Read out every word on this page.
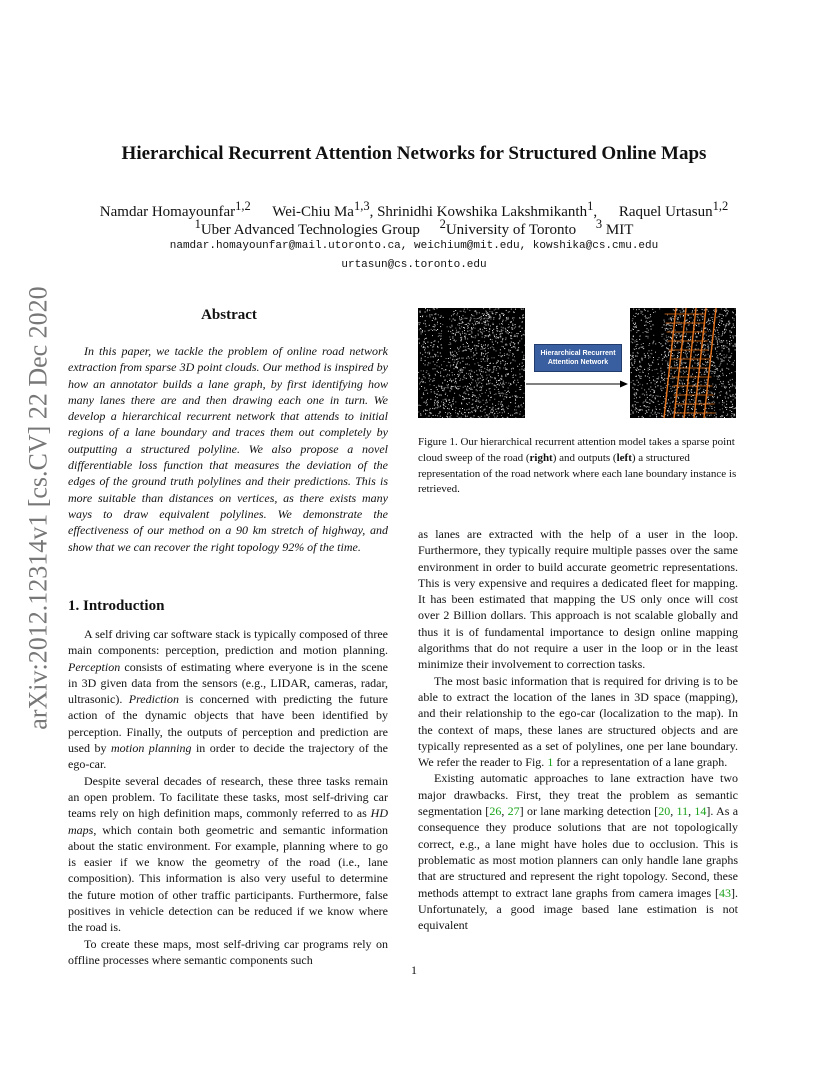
arXiv:2012.12314v1 [cs.CV] 22 Dec 2020
Hierarchical Recurrent Attention Networks for Structured Online Maps
Namdar Homayounfar$^{1,2}$ Wei-Chiu Ma$^{1,3}$, Shrinidhi Kowshika Lakshmikanth$^1$, Raquel Urtasun$^{1,2}$
$^1$Uber Advanced Technologies Group $^2$University of Toronto $^3$ MIT
namdar.homayounfar@mail.utoronto.ca, weichium@mit.edu, kowshika@cs.cmu.edu
urtasun@cs.toronto.edu
Abstract

In this paper, we tackle the problem of online road network extraction from sparse 3D point clouds. Our method is inspired by how an annotator builds a lane graph, by first identifying how many lanes there are and then drawing each one in turn. We develop a hierarchical recurrent network that attends to initial regions of a lane boundary and traces them out completely by outputting a structured polyline. We also propose a novel differentiable loss function that measures the deviation of the edges of the ground truth polylines and their predictions. This is more suitable than distances on vertices, as there exists many ways to draw equivalent polylines. We demonstrate the effectiveness of our method on a 90 km stretch of highway, and show that we can recover the right topology 92% of the time.

1. Introduction

A self driving car software stack is typically composed of three main components: perception, prediction and motion planning. Perception consists of estimating where everyone is in the scene in 3D given data from the sensors (e.g., LIDAR, cameras, radar, ultrasonic). Prediction is concerned with predicting the future action of the dynamic objects that have been identified by perception. Finally, the outputs of perception and prediction are used by motion planning in order to decide the trajectory of the ego-car.

Despite several decades of research, these three tasks remain an open problem. To facilitate these tasks, most self-driving car teams rely on high definition maps, commonly referred to as HD maps, which contain both geometric and semantic information about the static environment. For example, planning where to go is easier if we know the geometry of the road (i.e., lane composition). This information is also very useful to determine the future motion of other traffic participants. Furthermore, false positives in vehicle detection can be reduced if we know where the road is.

To create these maps, most self-driving car programs rely on offline processes where semantic components such

Hierarchical Recurrent
Attention Network

Figure 1. Our hierarchical recurrent attention model takes a sparse point cloud sweep of the road (right) and outputs (left) a structured representation of the road network where each lane boundary instance is retrieved.

as lanes are extracted with the help of a user in the loop. Furthermore, they typically require multiple passes over the same environment in order to build accurate geometric representations. This is very expensive and requires a dedicated fleet for mapping. It has been estimated that mapping the US only once will cost over 2 Billion dollars. This approach is not scalable globally and thus it is of fundamental importance to design online mapping algorithms that do not require a user in the loop or in the least minimize their involvement to correction tasks.

The most basic information that is required for driving is to be able to extract the location of the lanes in 3D space (mapping), and their relationship to the ego-car (localization to the map). In the context of maps, these lanes are structured objects and are typically represented as a set of polylines, one per lane boundary. We refer the reader to Fig. 1 for a representation of a lane graph.

Existing automatic approaches to lane extraction have two major drawbacks. First, they treat the problem as semantic segmentation [26, 27] or lane marking detection [20, 11, 14]. As a consequence they produce solutions that are not topologically correct, e.g., a lane might have holes due to occlusion. This is problematic as most motion planners can only handle lane graphs that are structured and represent the right topology. Second, these methods attempt to extract lane graphs from camera images [43]. Unfortunately, a good image based lane estimation is not equivalent

1
